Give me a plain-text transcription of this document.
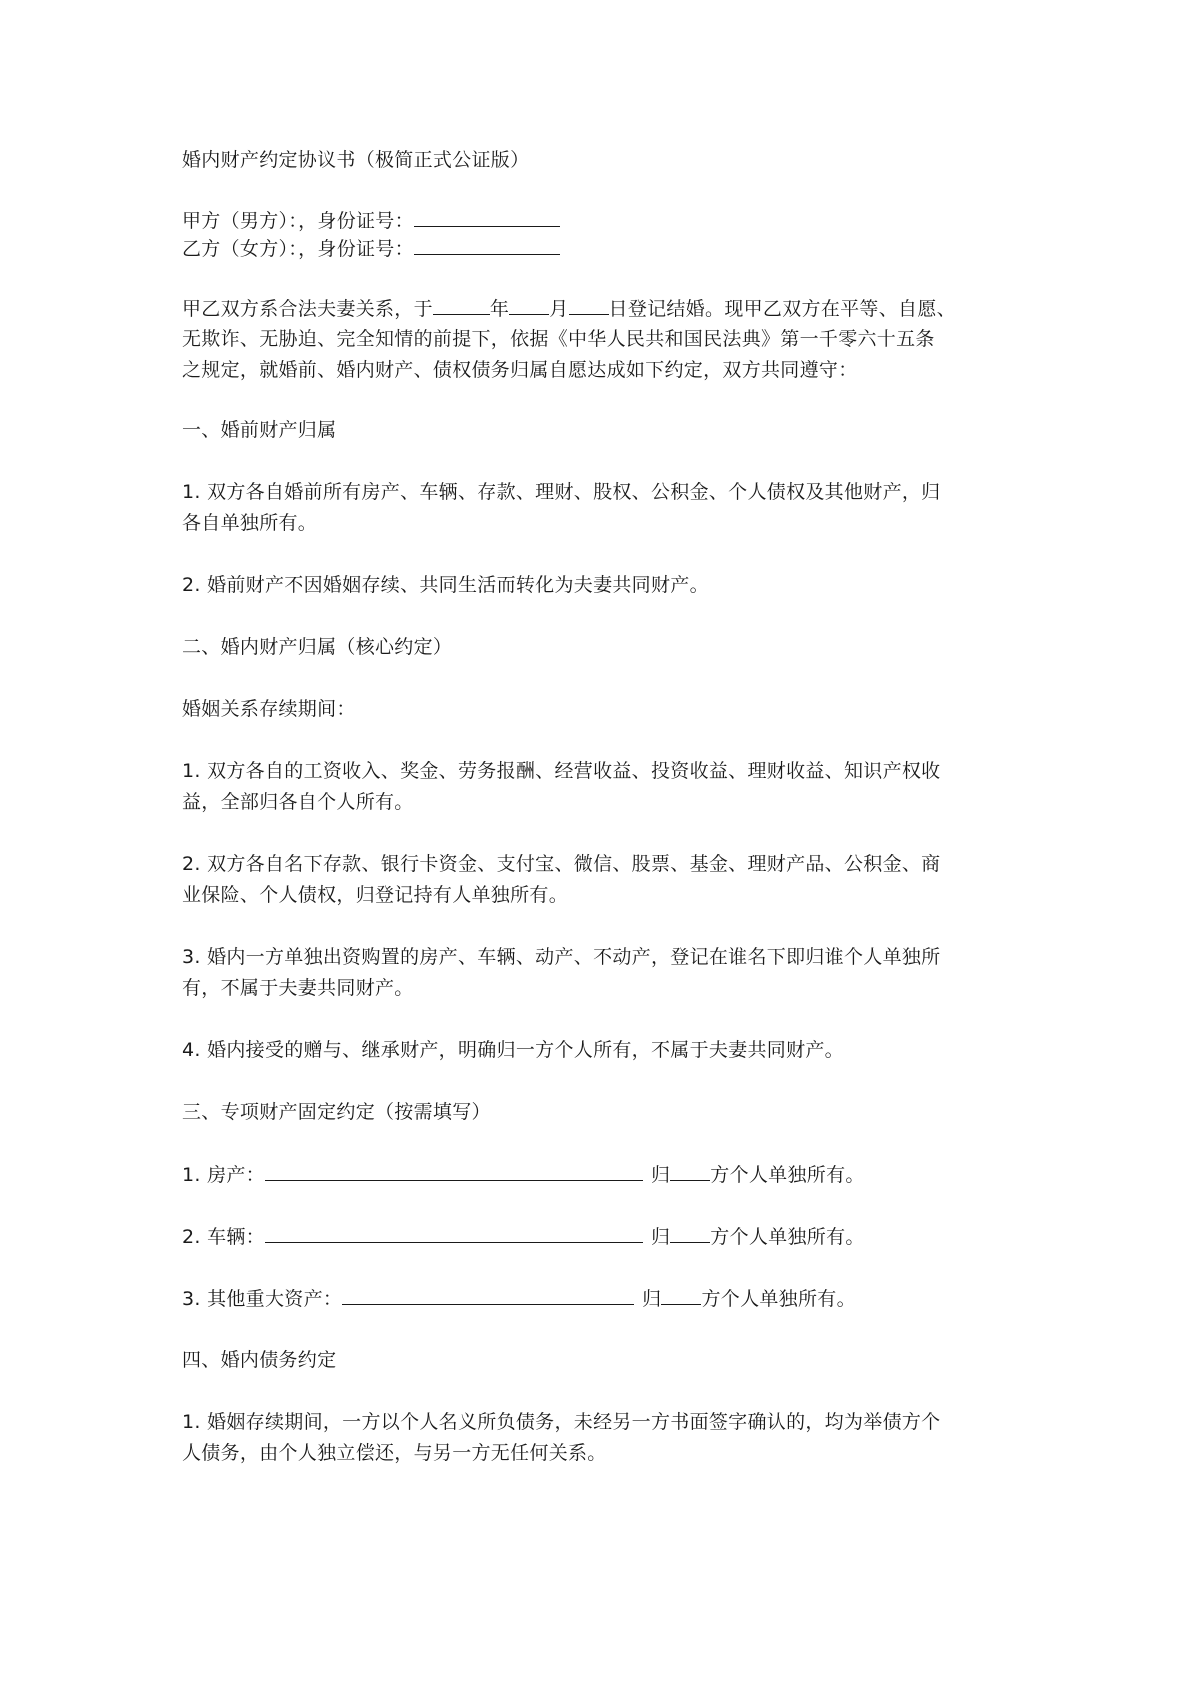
婚内财产约定协议书（极简正式公证版）
甲方（男方）：，身份证号：
乙方（女方）：，身份证号：
甲乙双方系合法夫妻关系，于	年 月 日登记结婚。现甲乙双方在平等、自愿、
无欺诈、无胁迫、完全知情的前提下，依据《中华人民共和国民法典》第一千零六十五条
之规定，就婚前、婚内财产、债权债务归属自愿达成如下约定，双方共同遵守：
一、婚前财产归属
1. 双方各自婚前所有房产、车辆、存款、理财、股权、公积金、个人债权及其他财产，归
各自单独所有。
2. 婚前财产不因婚姻存续、共同生活而转化为夫妻共同财产。
二、婚内财产归属（核心约定）
婚姻关系存续期间：
1. 双方各自的工资收入、奖金、劳务报酬、经营收益、投资收益、理财收益、知识产权收
益，全部归各自个人所有。
2. 双方各自名下存款、银行卡资金、支付宝、微信、股票、基金、理财产品、公积金、商
业保险、个人债权，归登记持有人单独所有。
3. 婚内一方单独出资购置的房产、车辆、动产、不动产，登记在谁名下即归谁个人单独所
有，不属于夫妻共同财产。
4. 婚内接受的赠与、继承财产，明确归一方个人所有，不属于夫妻共同财产。
三、专项财产固定约定（按需填写）
1. 房产：	归 方个人单独所有。
2. 车辆：	归 方个人单独所有。
3. 其他重大资产：	归 方个人单独所有。
四、婚内债务约定
1. 婚姻存续期间，一方以个人名义所负债务，未经另一方书面签字确认的，均为举债方个
人债务，由个人独立偿还，与另一方无任何关系。
